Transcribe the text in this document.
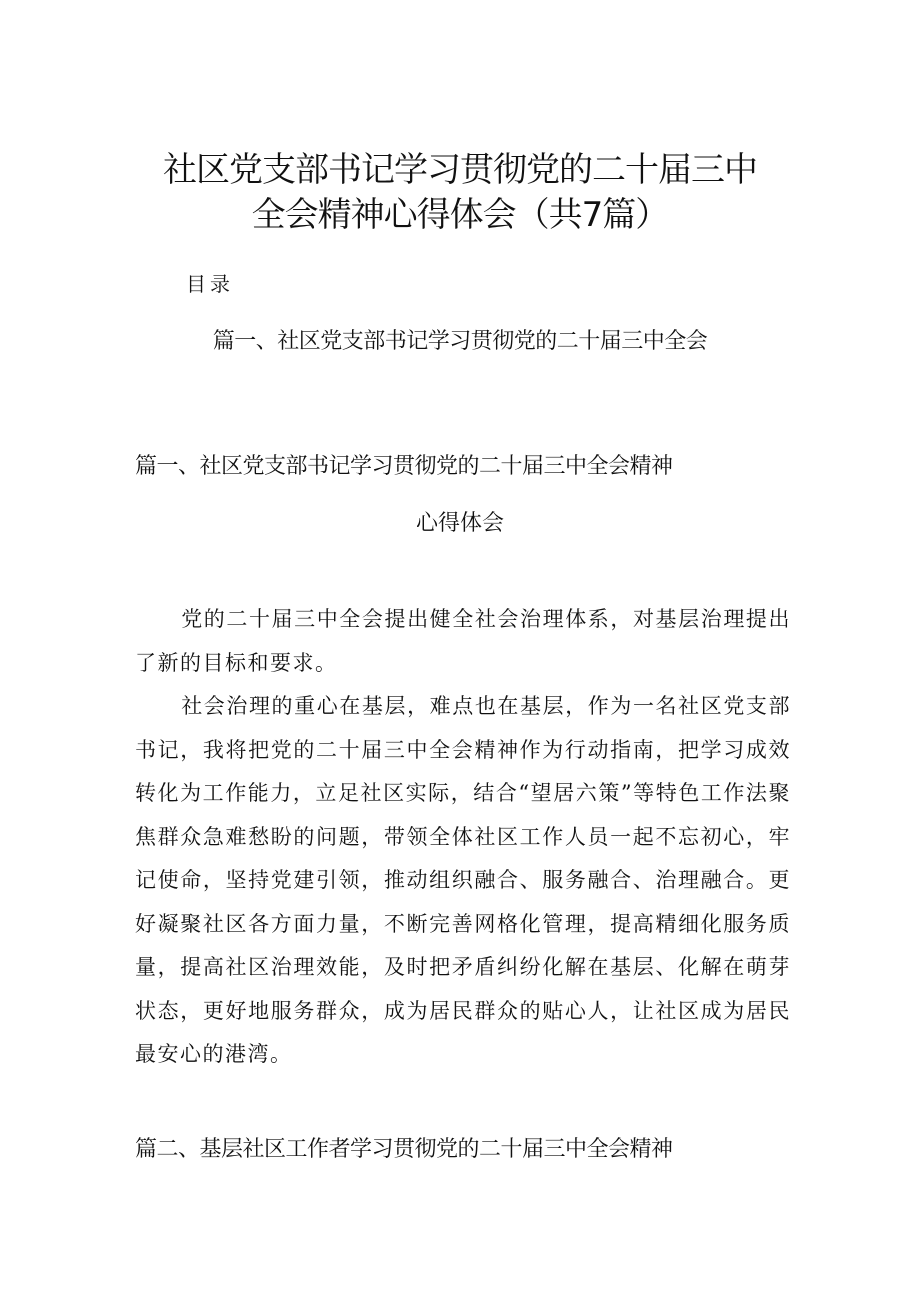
社区党支部书记学习贯彻党的二十届三中
全会精神心得体会（共7篇）
目录
篇一、社区党支部书记学习贯彻党的二十届三中全会
篇一、社区党支部书记学习贯彻党的二十届三中全会精神
心得体会

党的二十届三中全会提出健全社会治理体系，对基层治理提出了新的目标和要求。

社会治理的重心在基层，难点也在基层，作为一名社区党支部书记，我将把党的二十届三中全会精神作为行动指南，把学习成效转化为工作能力，立足社区实际，结合“望居六策”等特色工作法聚焦群众急难愁盼的问题，带领全体社区工作人员一起不忘初心，牢记使命，坚持党建引领，推动组织融合、服务融合、治理融合。更好凝聚社区各方面力量，不断完善网格化管理，提高精细化服务质量，提高社区治理效能，及时把矛盾纠纷化解在基层、化解在萌芽状态，更好地服务群众，成为居民群众的贴心人，让社区成为居民最安心的港湾。

篇二、基层社区工作者学习贯彻党的二十届三中全会精神
